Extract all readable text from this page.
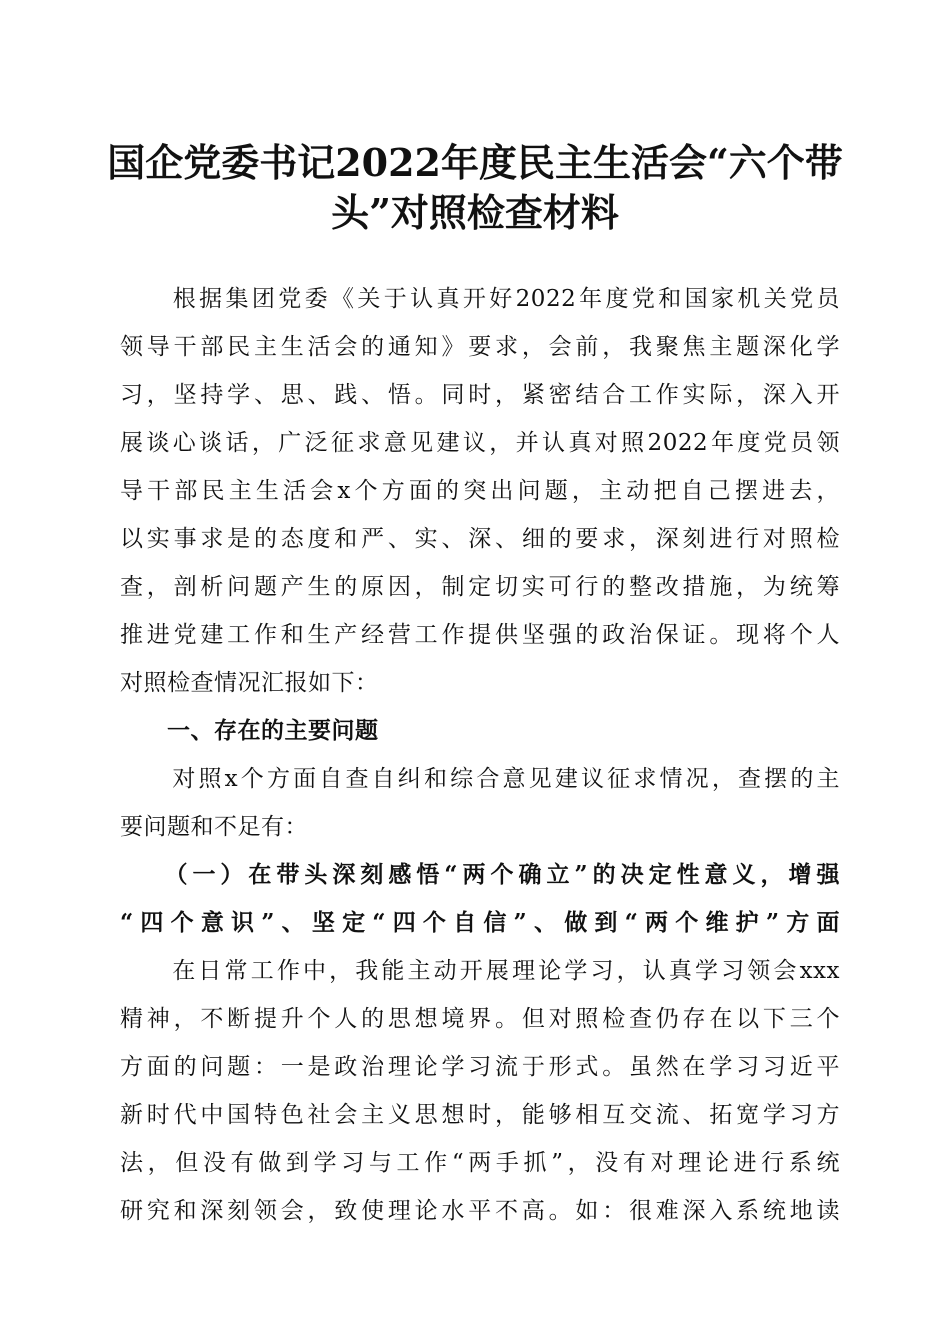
国企党委书记2022年度民主生活会“六个带
头”对照检查材料
　　根据集团党委《关于认真开好2022年度党和国家机关党员
领导干部民主生活会的通知》要求，会前，我聚焦主题深化学
习，坚持学、思、践、悟。同时，紧密结合工作实际，深入开
展谈心谈话，广泛征求意见建议，并认真对照2022年度党员领
导干部民主生活会x个方面的突出问题，主动把自己摆进去，
以实事求是的态度和严、实、深、细的要求，深刻进行对照检
查，剖析问题产生的原因，制定切实可行的整改措施，为统筹
推进党建工作和生产经营工作提供坚强的政治保证。现将个人
对照检查情况汇报如下：
　　一、存在的主要问题
　　对照x个方面自查自纠和综合意见建议征求情况，查摆的主
要问题和不足有：
　　（一）在带头深刻感悟“两个确立”的决定性意义，增强
“四个意识”、坚定“四个自信”、做到“两个维护”方面
　　在日常工作中，我能主动开展理论学习，认真学习领会xxx
精神，不断提升个人的思想境界。但对照检查仍存在以下三个
方面的问题：一是政治理论学习流于形式。虽然在学习习近平
新时代中国特色社会主义思想时，能够相互交流、拓宽学习方
法，但没有做到学习与工作“两手抓”，没有对理论进行系统
研究和深刻领会，致使理论水平不高。如：很难深入系统地读
